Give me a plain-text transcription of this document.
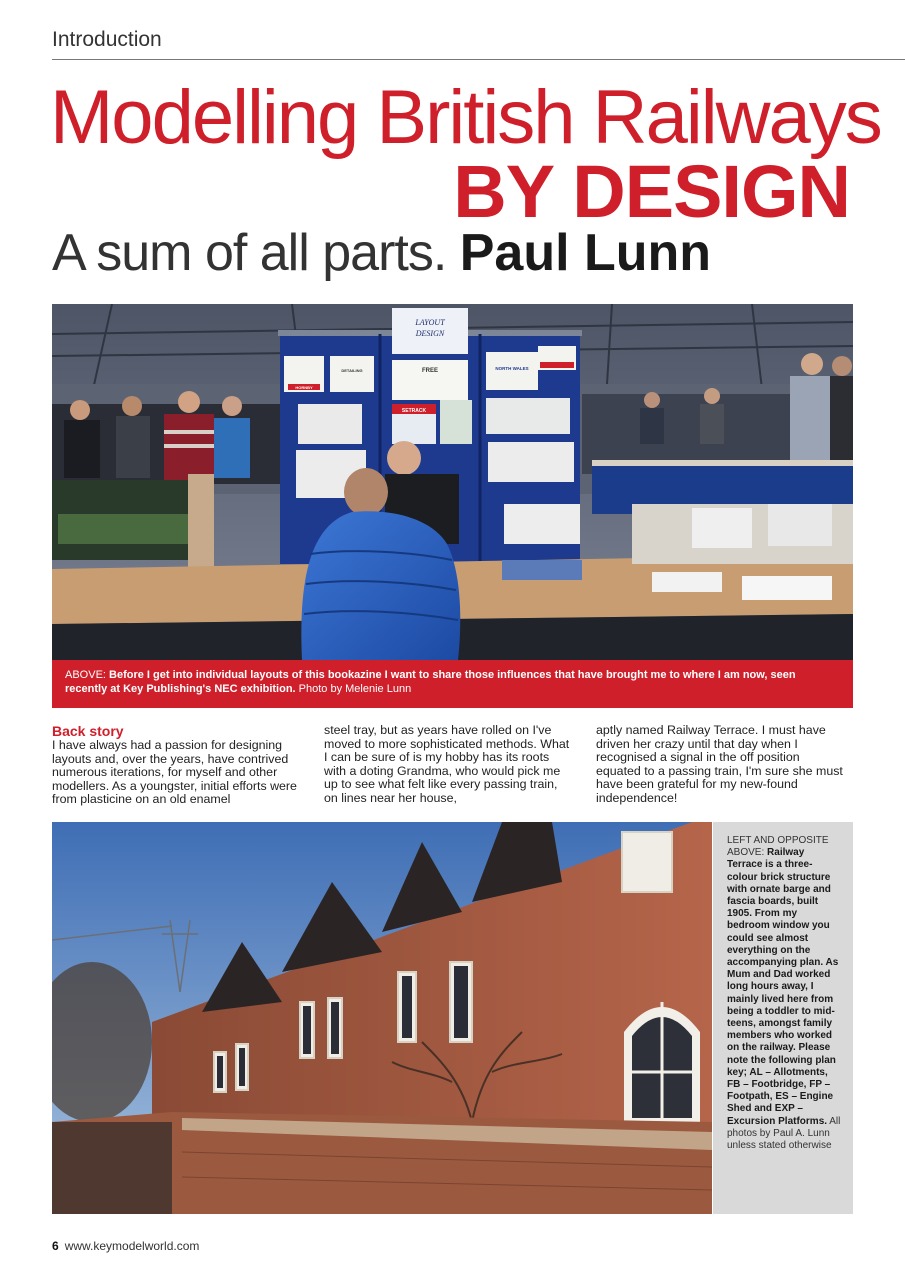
Introduction
Modelling British Railways
BY DESIGN
A sum of all parts. Paul Lunn
LAYOUT
DESIGN
HORNBY
DETAILING	FREE	NORTH WALES
SETRACK
ABOVE: Before I get into individual layouts of this bookazine I want to share those influences that have brought me to where I am now, seen recently at Key Publishing's NEC exhibition. Photo by Melenie Lunn
Back story
I have always had a passion for designing layouts and, over the years, have contrived numerous iterations, for myself and other modellers. As a youngster, initial efforts were from plasticine on an old enamel
steel tray, but as years have rolled on I've moved to more sophisticated methods. What I can be sure of is my hobby has its roots with a doting Grandma, who would pick me up to see what felt like every passing train, on lines near her house,
aptly named Railway Terrace. I must have driven her crazy until that day when I recognised a signal in the off position equated to a passing train, I'm sure she must have been grateful for my new-found independence!
LEFT AND OPPOSITE ABOVE: Railway Terrace is a three-colour brick structure with ornate barge and fascia boards, built 1905. From my bedroom window you could see almost everything on the accompanying plan. As Mum and Dad worked long hours away, I mainly lived here from being a toddler to mid-teens, amongst family members who worked on the railway. Please note the following plan key; AL – Allotments, FB – Footbridge, FP – Footpath, ES – Engine Shed and EXP – Excursion Platforms. All photos by Paul A. Lunn unless stated otherwise
6 www.keymodelworld.com
